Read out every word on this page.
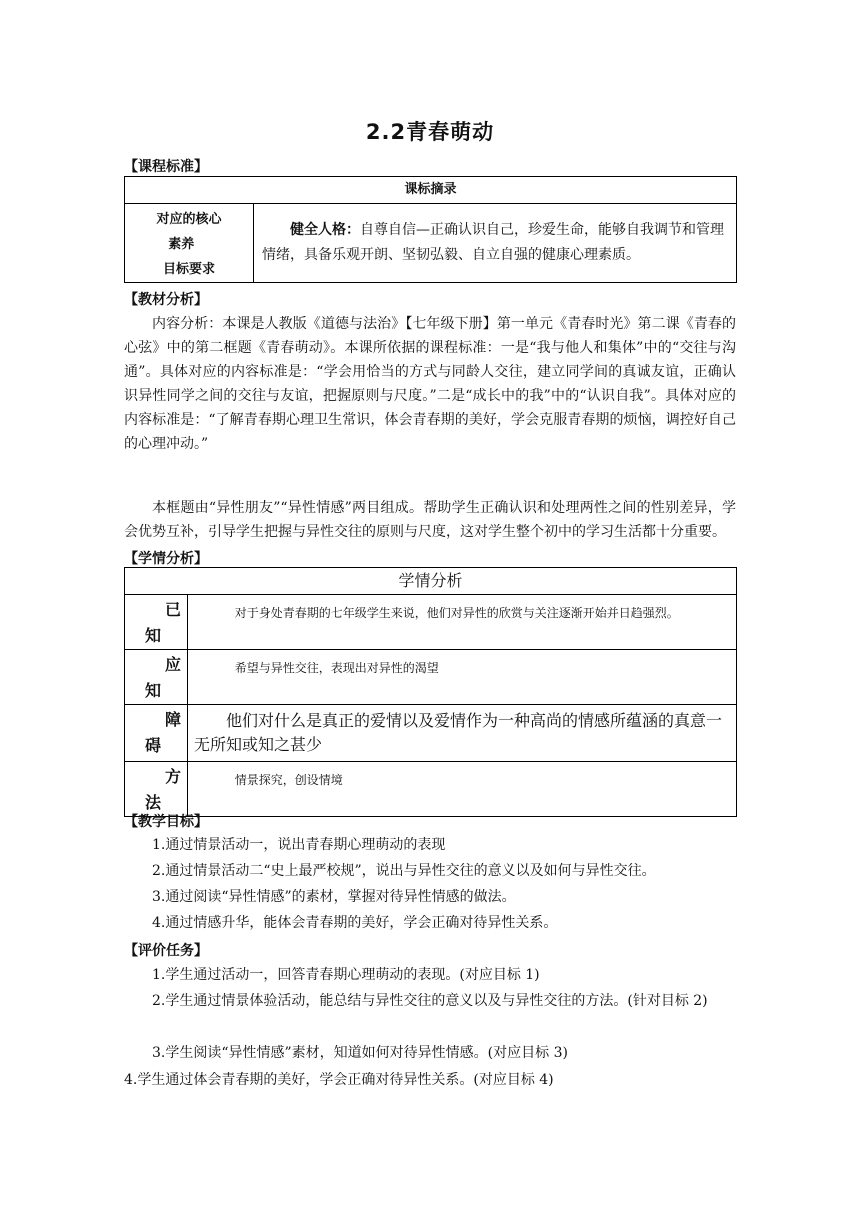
2.2青春萌动
【课程标准】
课标摘录

对应的核心
素养
目标要求
	健全人格：自尊自信—正确认识自己，珍爱生命，能够自我调节和管理情绪，具备乐观开朗、坚韧弘毅、自立自强的健康心理素质。
【教材分析】

内容分析：本课是人教版《道德与法治》【七年级下册】第一单元《青春时光》第二课《青春的心弦》中的第二框题《青春萌动》。本课所依据的课程标准：一是“我与他人和集体”中的“交往与沟通”。具体对应的内容标准是：“学会用恰当的方式与同龄人交往，建立同学间的真诚友谊，正确认识异性同学之间的交往与友谊，把握原则与尺度。”二是“成长中的我”中的“认识自我”。具体对应的内容标准是：“了解青春期心理卫生常识，体会青春期的美好，学会克服青春期的烦恼，调控好自己的心理冲动。”

本框题由“异性朋友”“异性情感”两目组成。帮助学生正确认识和处理两性之间的性别差异，学会优势互补，引导学生把握与异性交往的原则与尺度，这对学生整个初中的学习生活都十分重要。

【学情分析】
学情分析	

已
知	对于身处青春期的七年级学生来说，他们对异性的欣赏与关注逐渐开始并日趋强烈。

应
知	希望与异性交往，表现出对异性的渴望

障
碍	他们对什么是真正的爱情以及爱情作为一种高尚的情感所蕴涵的真意一无所知或知之甚少

方
法	情景探究，创设情境
【教学目标】
1.通过情景活动一，说出青春期心理萌动的表现
2.通过情景活动二“史上最严校规”，说出与异性交往的意义以及如何与异性交往。
3.通过阅读“异性情感”的素材，掌握对待异性情感的做法。
4.通过情感升华，能体会青春期的美好，学会正确对待异性关系。
【评价任务】
1.学生通过活动一，回答青春期心理萌动的表现。(对应目标 1)
2.学生通过情景体验活动，能总结与异性交往的意义以及与异性交往的方法。(针对目标 2)
3.学生阅读“异性情感”素材，知道如何对待异性情感。(对应目标 3)
4.学生通过体会青春期的美好，学会正确对待异性关系。(对应目标 4)
